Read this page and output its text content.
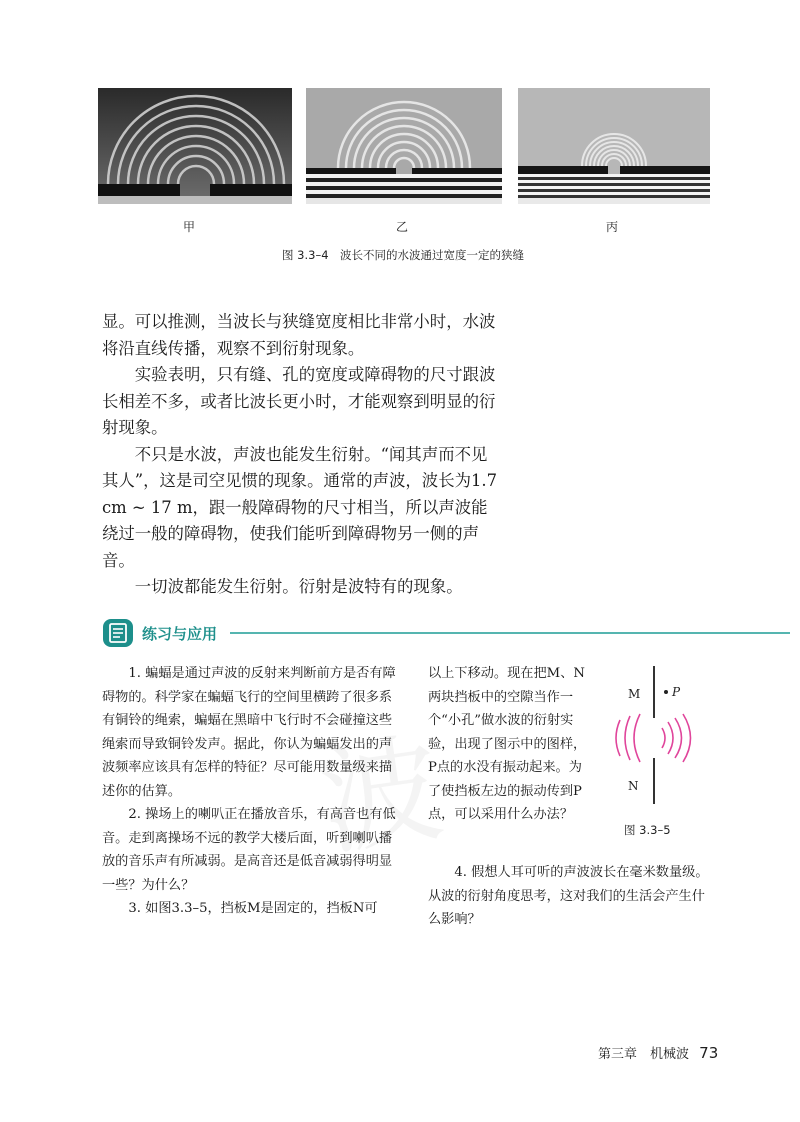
甲	乙	丙
图 3.3–4　波长不同的水波通过宽度一定的狭缝

显。可以推测，当波长与狭缝宽度相比非常小时，水波将沿直线传播，观察不到衍射现象。

实验表明，只有缝、孔的宽度或障碍物的尺寸跟波长相差不多，或者比波长更小时，才能观察到明显的衍射现象。

不只是水波，声波也能发生衍射。“闻其声而不见其人”，这是司空见惯的现象。通常的声波，波长为1.7 cm ~ 17 m，跟一般障碍物的尺寸相当，所以声波能绕过一般的障碍物，使我们能听到障碍物另一侧的声音。

一切波都能发生衍射。衍射是波特有的现象。

练习与应用

1. 蝙蝠是通过声波的反射来判断前方是否有障碍物的。科学家在蝙蝠飞行的空间里横跨了很多系有铜铃的绳索，蝙蝠在黑暗中飞行时不会碰撞这些绳索而导致铜铃发声。据此，你认为蝙蝠发出的声波频率应该具有怎样的特征？尽可能用数量级来描述你的估算。

2. 操场上的喇叭正在播放音乐，有高音也有低音。走到离操场不远的教学大楼后面，听到喇叭播放的音乐声有所减弱。是高音还是低音减弱得明显一些？为什么？

3. 如图3.3–5，挡板M是固定的，挡板N可

以上下移动。现在把M、N两块挡板中的空隙当作一个“小孔”做水波的衍射实验，出现了图示中的图样，P点的水没有振动起来。为了使挡板左边的振动传到P点，可以采用什么办法？

4. 假想人耳可听的声波波长在毫米数量级。从波的衍射角度思考，这对我们的生活会产生什么影响？

M
N
P
图 3.3–5
第三章　机械波 73
